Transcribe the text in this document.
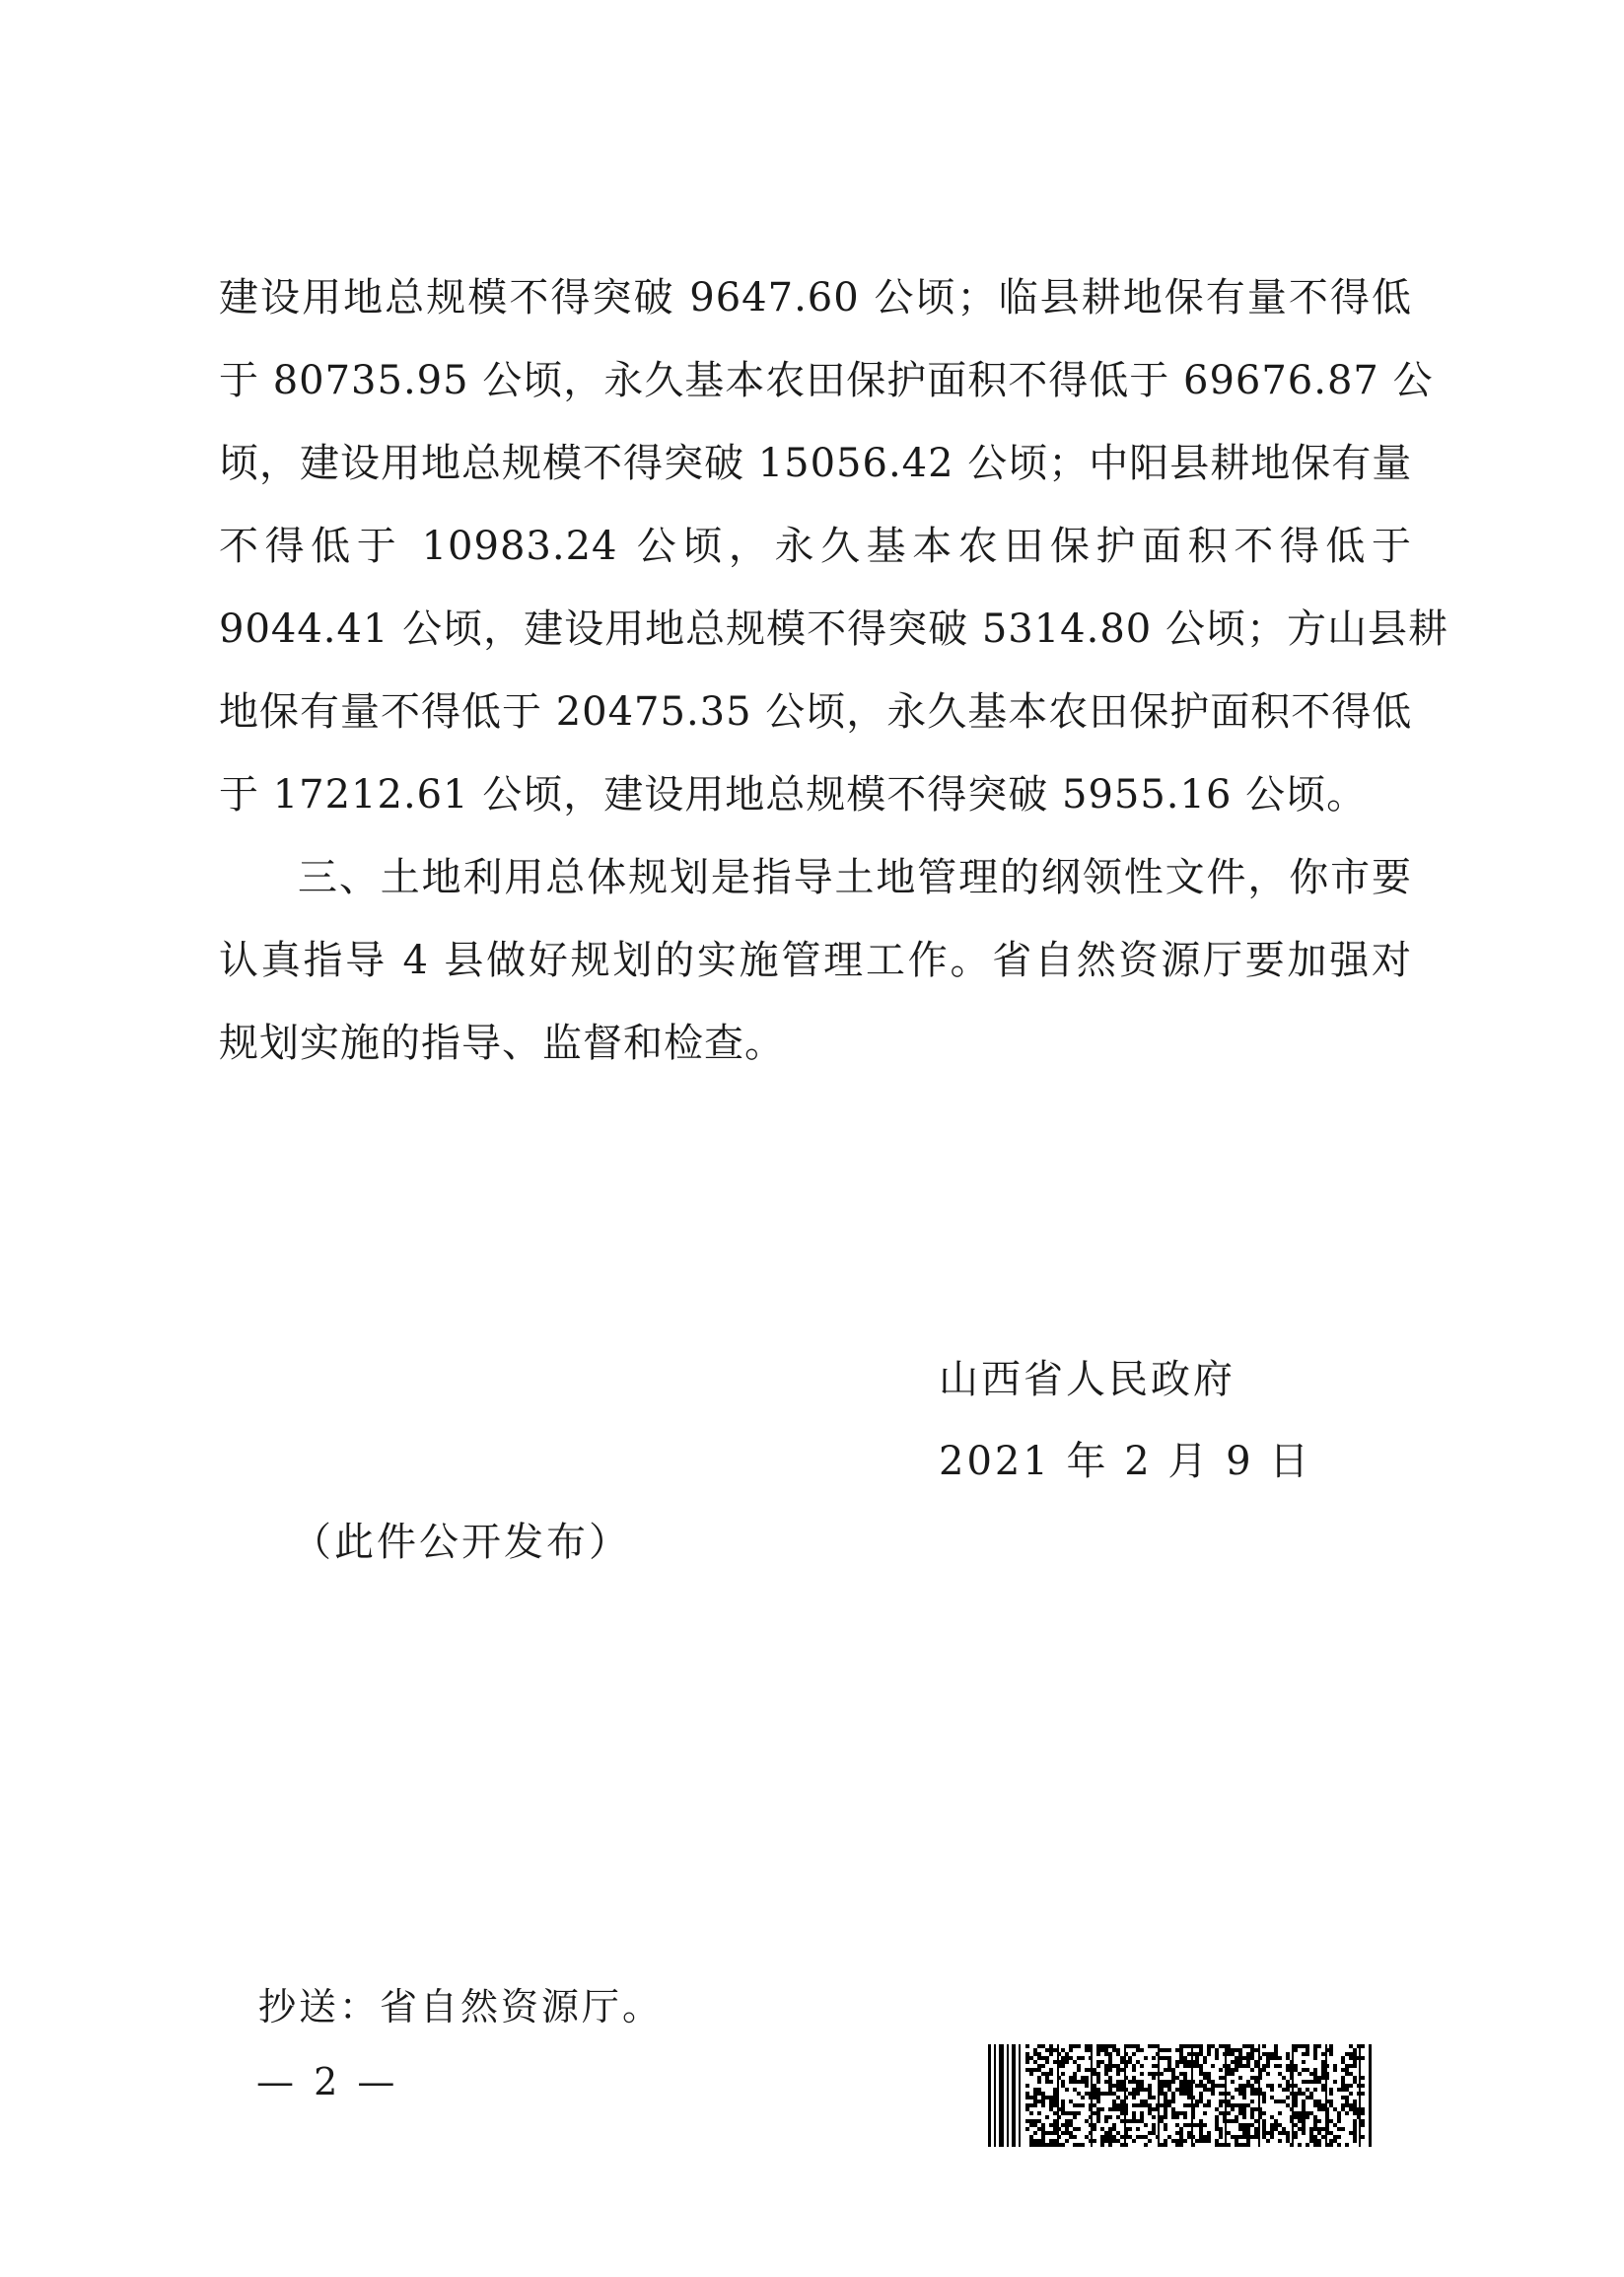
建设用地总规模不得突破 9647.60 公顷；临县耕地保有量不得低
于 80735.95 公顷，永久基本农田保护面积不得低于 69676.87 公
顷，建设用地总规模不得突破 15056.42 公顷；中阳县耕地保有量
不得低于 10983.24 公顷，永久基本农田保护面积不得低于
9044.41 公顷，建设用地总规模不得突破 5314.80 公顷；方山县耕
地保有量不得低于 20475.35 公顷，永久基本农田保护面积不得低
于 17212.61 公顷，建设用地总规模不得突破 5955.16 公顷。
三、土地利用总体规划是指导土地管理的纲领性文件，你市要
认真指导 4 县做好规划的实施管理工作。省自然资源厅要加强对
规划实施的指导、监督和检查。
山西省人民政府
2021 年 2 月 9 日
（此件公开发布）
抄送：省自然资源厅。
— 2 —
